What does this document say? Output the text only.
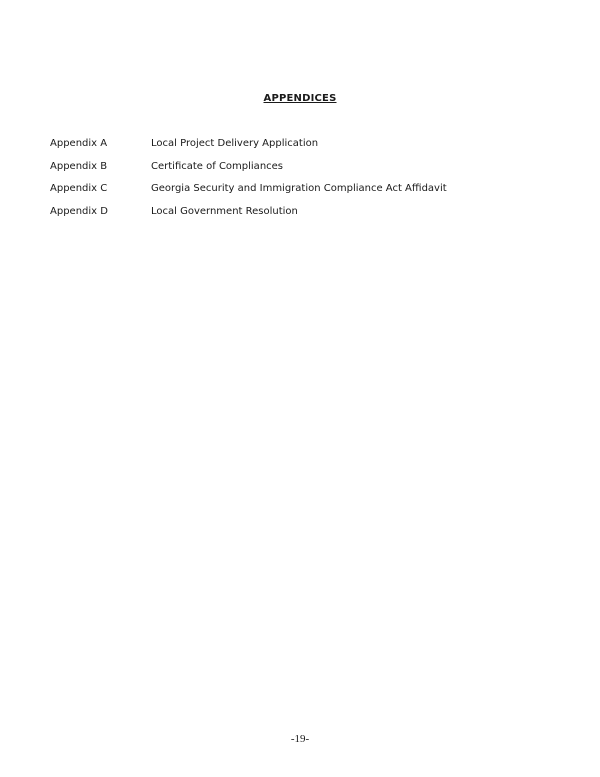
APPENDICES
Appendix A	Local Project Delivery Application
Appendix B	Certificate of Compliances
Appendix C	Georgia Security and Immigration Compliance Act Affidavit
Appendix D	Local Government Resolution
-19-
